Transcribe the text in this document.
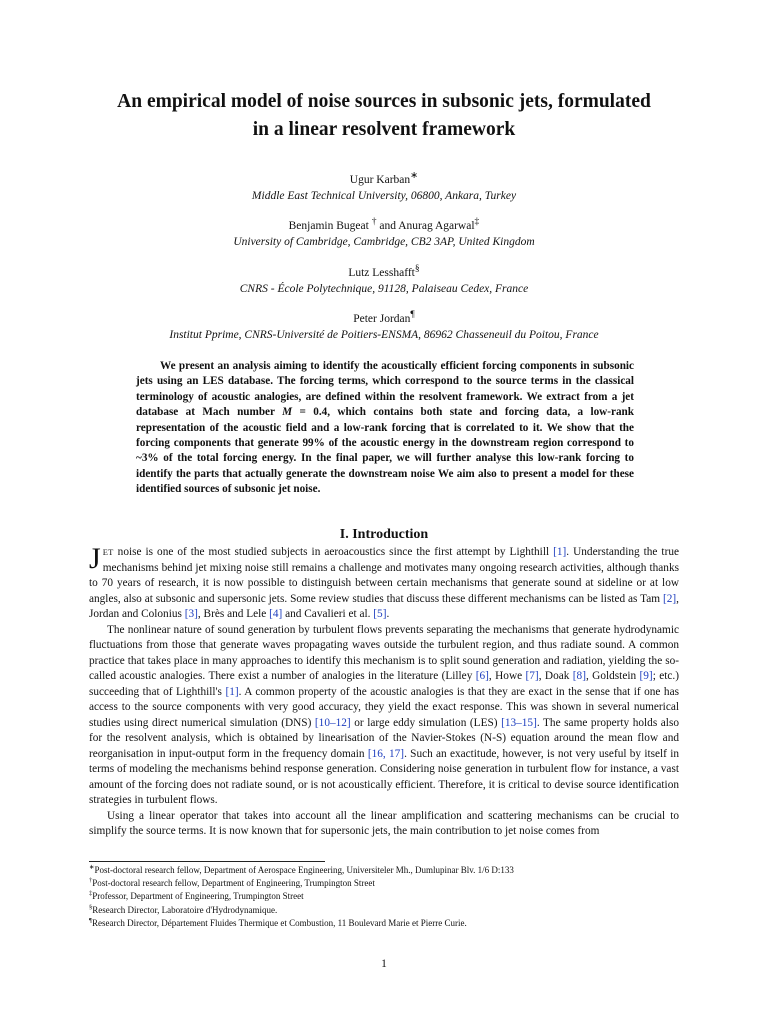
An empirical model of noise sources in subsonic jets, formulated
in a linear resolvent framework
Ugur Karban∗
Middle East Technical University, 06800, Ankara, Turkey
Benjamin Bugeat † and Anurag Agarwal‡
University of Cambridge, Cambridge, CB2 3AP, United Kingdom
Lutz Lesshafft§
CNRS - École Polytechnique, 91128, Palaiseau Cedex, France
Peter Jordan¶
Institut Pprime, CNRS-Université de Poitiers-ENSMA, 86962 Chasseneuil du Poitou, France
We present an analysis aiming to identify the acoustically efficient forcing components in subsonic jets using an LES database. The forcing terms, which correspond to the source terms in the classical terminology of acoustic analogies, are defined within the resolvent framework. We extract from a jet database at Mach number M = 0.4, which contains both state and forcing data, a low-rank representation of the acoustic field and a low-rank forcing that is correlated to it. We show that the forcing components that generate 99% of the acoustic energy in the downstream region correspond to ~3% of the total forcing energy. In the final paper, we will further analyse this low-rank forcing to identify the parts that actually generate the downstream noise We aim also to present a model for these identified sources of subsonic jet noise.
I. Introduction

JET noise is one of the most studied subjects in aeroacoustics since the first attempt by Lighthill [1]. Understanding the true mechanisms behind jet mixing noise still remains a challenge and motivates many ongoing research activities, although thanks to 70 years of research, it is now possible to distinguish between certain mechanisms that generate sound at sideline or at low angles, also at subsonic and supersonic jets. Some review studies that discuss these different mechanisms can be listed as Tam [2], Jordan and Colonius [3], Brès and Lele [4] and Cavalieri et al. [5].

The nonlinear nature of sound generation by turbulent flows prevents separating the mechanisms that generate hydrodynamic fluctuations from those that generate waves propagating waves outside the turbulent region, and thus radiate sound. A common practice that takes place in many approaches to identify this mechanism is to split sound generation and radiation, yielding the so-called acoustic analogies. There exist a number of analogies in the literature (Lilley [6], Howe [7], Doak [8], Goldstein [9]; etc.) succeeding that of Lighthill's [1]. A common property of the acoustic analogies is that they are exact in the sense that if one has access to the source components with very good accuracy, they yield the exact response. This was shown in several numerical studies using direct numerical simulation (DNS) [10–12] or large eddy simulation (LES) [13–15]. The same property holds also for the resolvent analysis, which is obtained by linearisation of the Navier-Stokes (N-S) equation around the mean flow and reorganisation in input-output form in the frequency domain [16, 17]. Such an exactitude, however, is not very useful by itself in terms of modeling the mechanisms behind response generation. Considering noise generation in turbulent flow for instance, a vast amount of the forcing does not radiate sound, or is not acoustically efficient. Therefore, it is critical to devise source identification strategies in turbulent flows.

Using a linear operator that takes into account all the linear amplification and scattering mechanisms can be crucial to simplify the source terms. It is now known that for supersonic jets, the main contribution to jet noise comes from

∗Post-doctoral research fellow, Department of Aerospace Engineering, Universiteler Mh., Dumlupinar Blv. 1/6 D:133
†Post-doctoral research fellow, Department of Engineering, Trumpington Street
‡Professor, Department of Engineering, Trumpington Street
§Research Director, Laboratoire d'Hydrodynamique.
¶Research Director, Département Fluides Thermique et Combustion, 11 Boulevard Marie et Pierre Curie.
1
